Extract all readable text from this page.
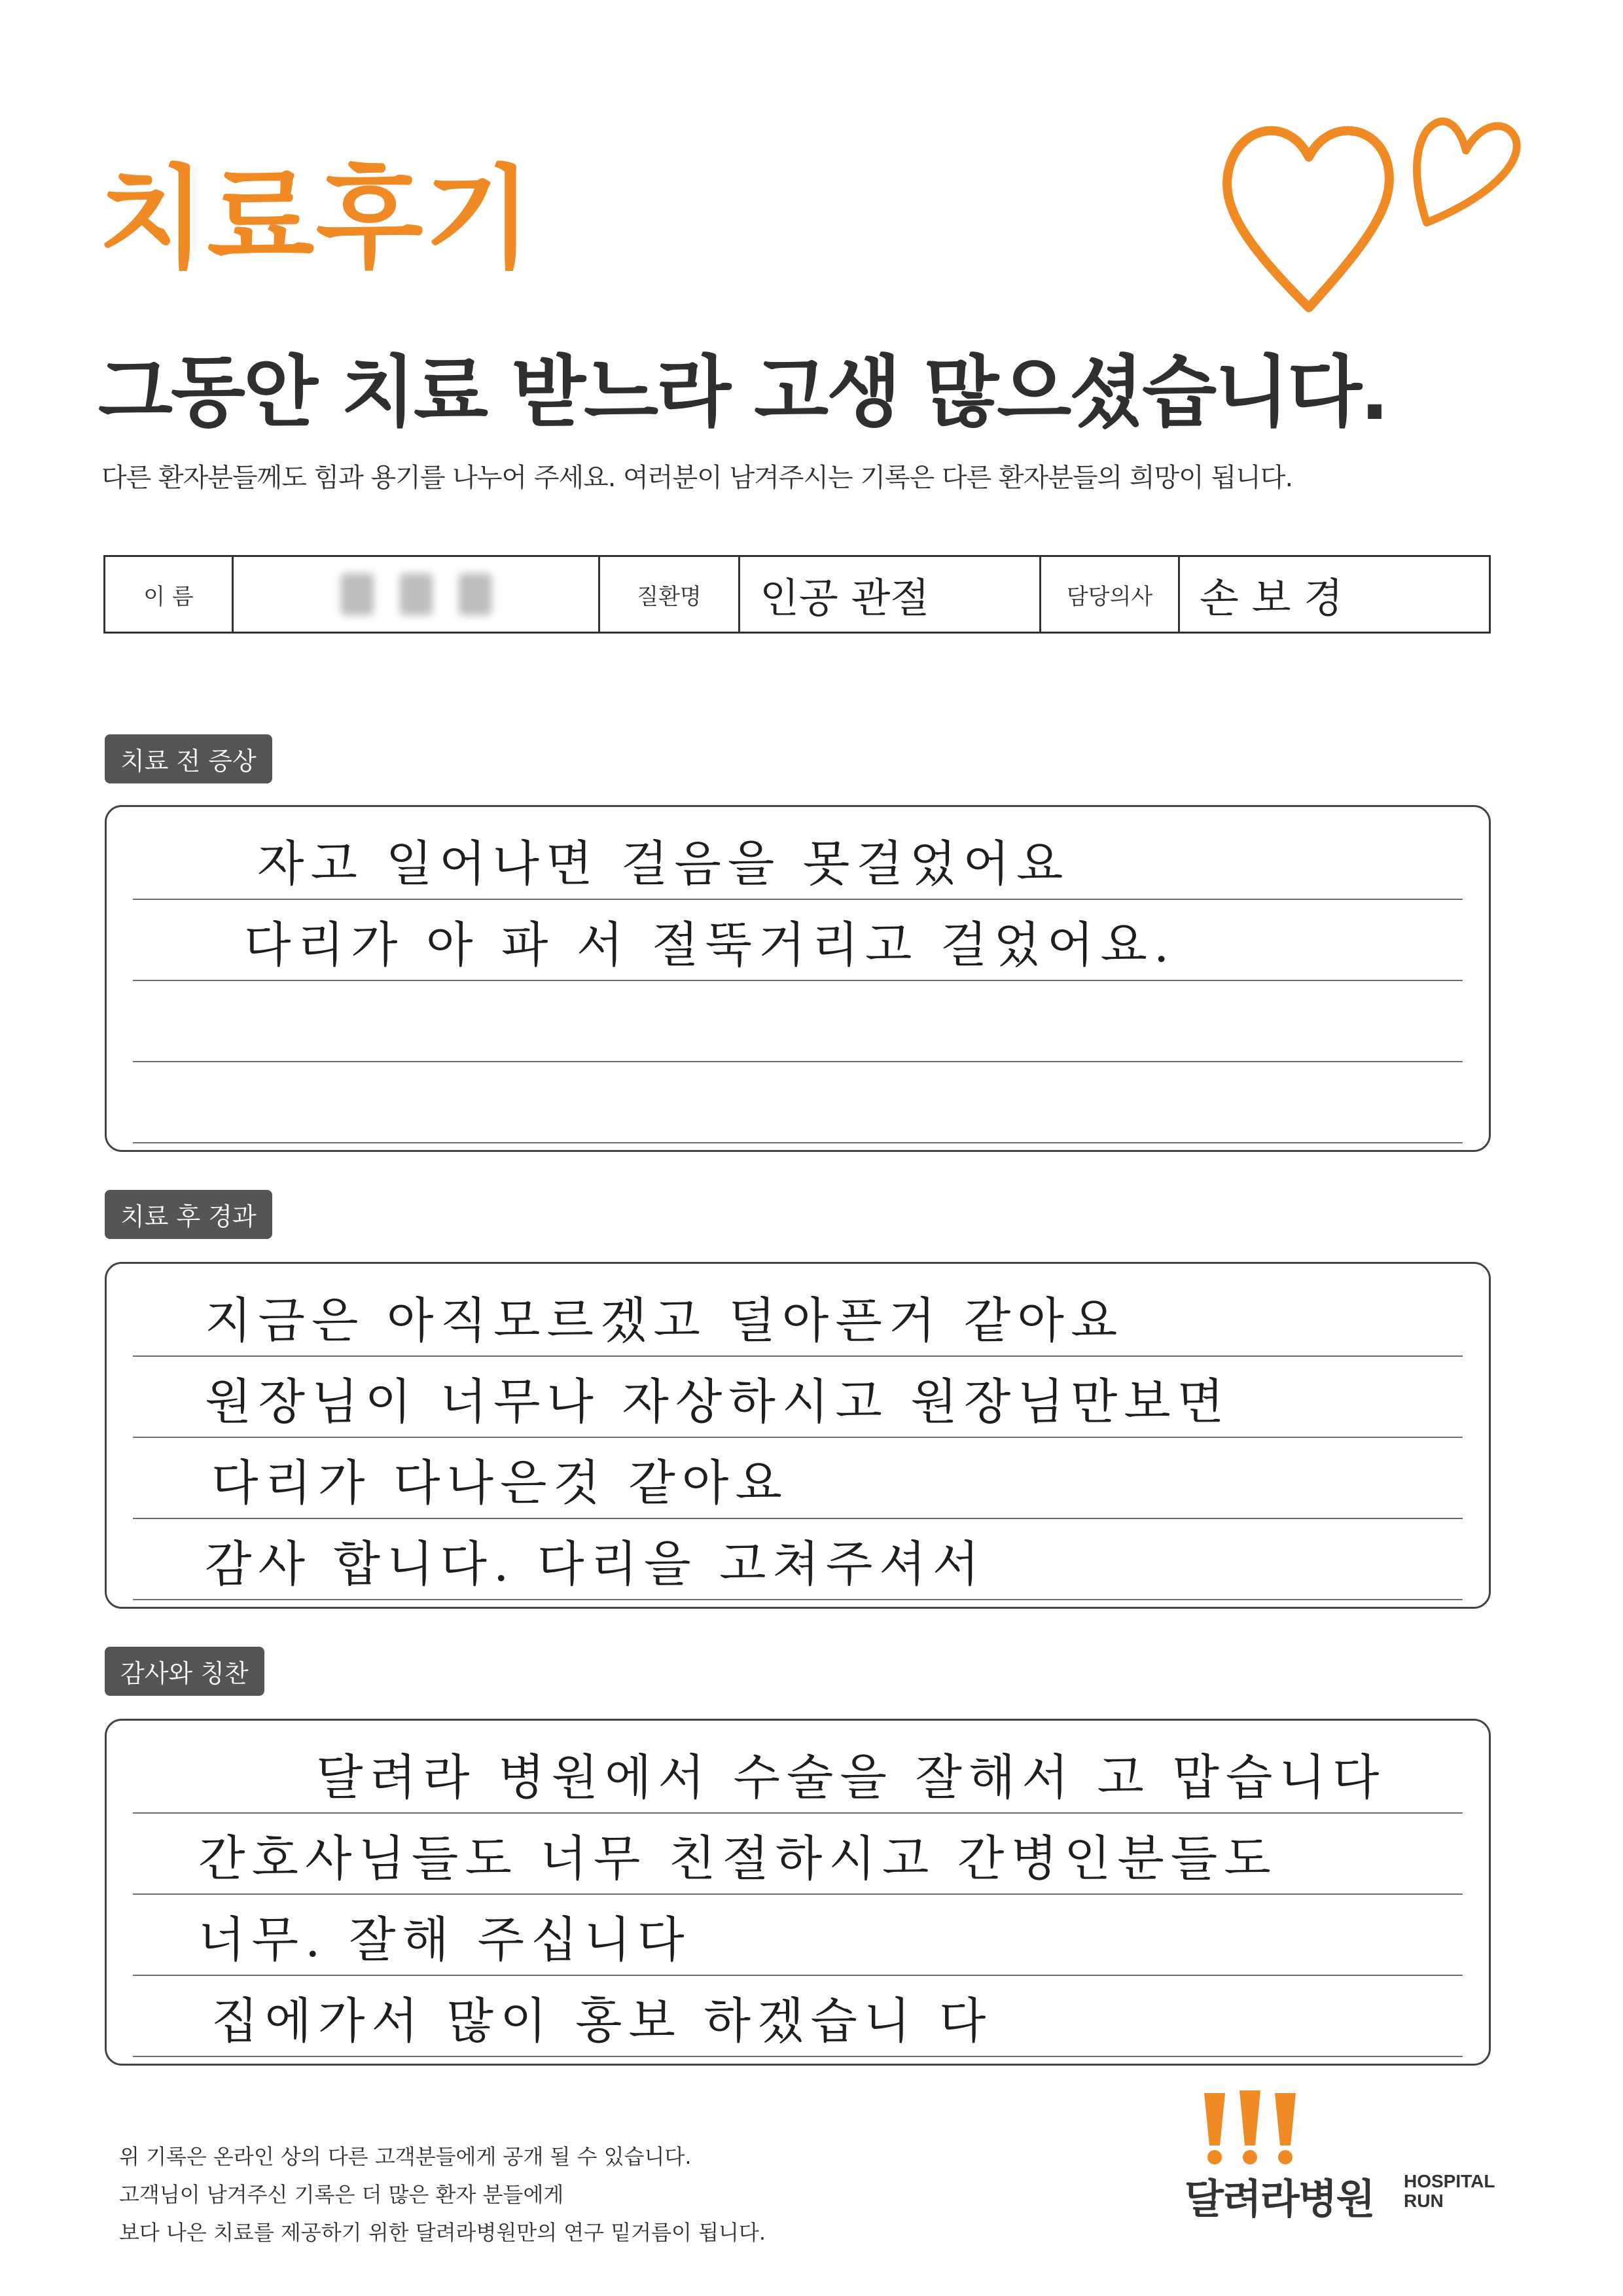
치료후기
그동안 치료 받느라 고생 많으셨습니다.
다른 환자분들께도 힘과 용기를 나누어 주세요. 여러분이 남겨주시는 기록은 다른 환자분들의 희망이 됩니다.
이 름	질환명 인공 관절	담당의사 손 보 경
치료 전 증상
자고 일어나면 걸음을 못걸었어요
다리가 아 파 서 절뚝거리고 걸었어요.
치료 후 경과
지금은 아직모르겠고 덜아픈거 같아요
원장님이 너무나 자상하시고 원장님만보면
다리가 다나은것 같아요
감사 합니다. 다리을 고쳐주셔서
감사와 칭찬
달려라 병원에서 수술을 잘해서 고 맙습니다
간호사님들도 너무 친절하시고 간병인분들도
너무. 잘해 주십니다
집에가서 많이 홍보 하겠습니 다
위 기록은 온라인 상의 다른 고객분들에게 공개 될 수 있습니다.
고객님이 남겨주신 기록은 더 많은 환자 분들에게
보다 나은 치료를 제공하기 위한 달려라병원만의 연구 밑거름이 됩니다.
달려라병원 HOSPITAL
RUN
